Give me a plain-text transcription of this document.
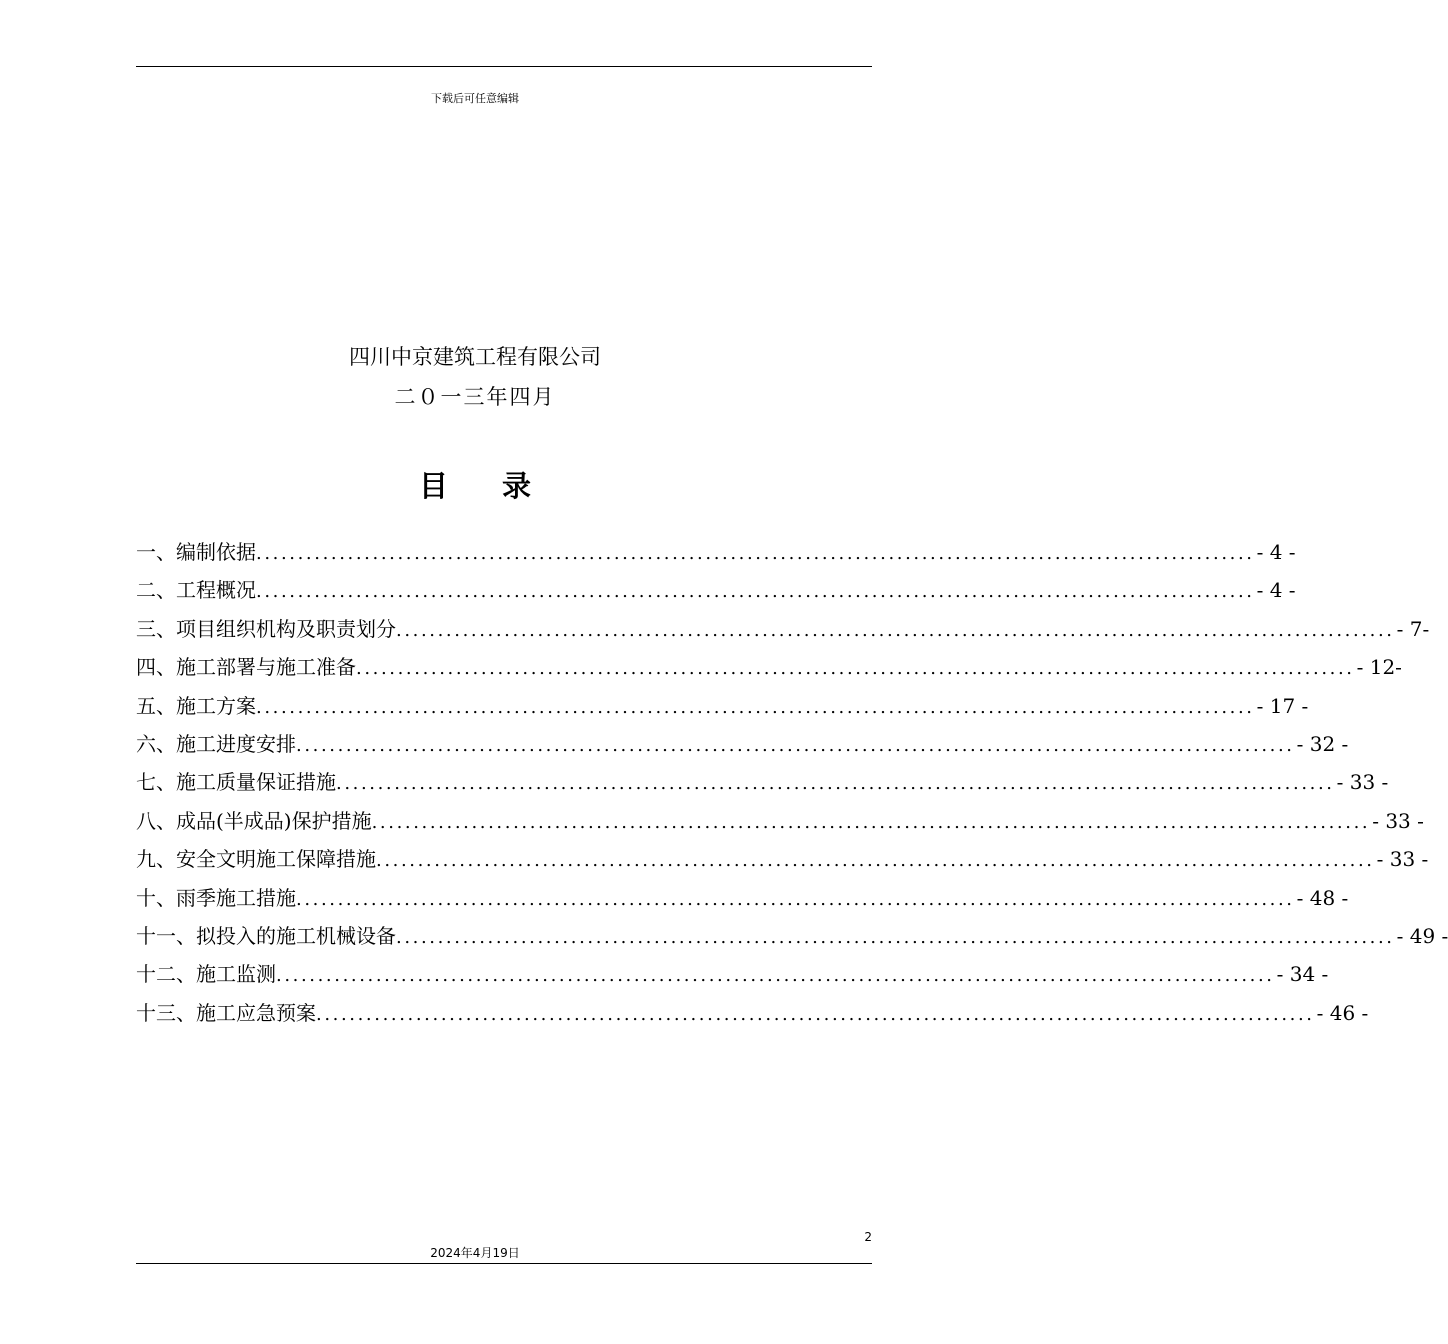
下载后可任意编辑
四川中京建筑工程有限公司
二０一三年四月
目录
一、编制依据 ........................................................................................................................ - 4 -
二、工程概况 ........................................................................................................................ - 4 -
三、项目组织机构及职责划分 ........................................................................................................................ - 7-
四、施工部署与施工准备 ........................................................................................................................ - 12-
五、施工方案 ........................................................................................................................ - 17 -
六、施工进度安排 ........................................................................................................................ - 32 -
七、施工质量保证措施 ........................................................................................................................ - 33 -
八、成品(半成品)保护措施 ........................................................................................................................ - 33 -
九、安全文明施工保障措施 ........................................................................................................................ - 33 -
十、雨季施工措施 ........................................................................................................................ - 48 -
十一、拟投入的施工机械设备 ........................................................................................................................ - 49 -
十二、施工监测 ........................................................................................................................ - 34 -
十三、施工应急预案 ........................................................................................................................ - 46 -
2
2024年4月19日
